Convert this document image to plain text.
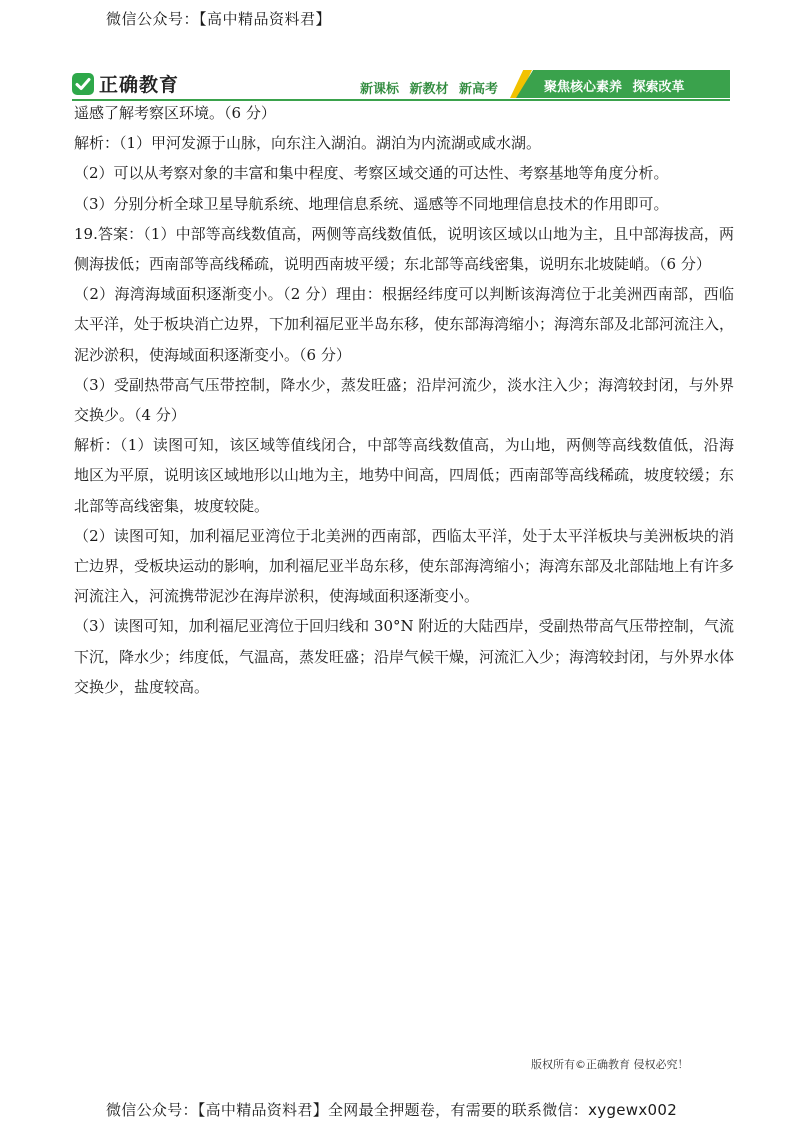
微信公众号：【高中精品资料君】
正确教育	新课标 新教材 新高考	聚焦核心素养 探索改革

遥感了解考察区环境。（6 分）

解析：（1）甲河发源于山脉，向东注入湖泊。湖泊为内流湖或咸水湖。

（2）可以从考察对象的丰富和集中程度、考察区域交通的可达性、考察基地等角度分析。

（3）分别分析全球卫星导航系统、地理信息系统、遥感等不同地理信息技术的作用即可。

19.答案：（1）中部等高线数值高，两侧等高线数值低，说明该区域以山地为主，且中部海拔高，两侧海拔低；西南部等高线稀疏，说明西南坡平缓；东北部等高线密集，说明东北坡陡峭。（6 分）

（2）海湾海域面积逐渐变小。（2 分）理由：根据经纬度可以判断该海湾位于北美洲西南部，西临太平洋，处于板块消亡边界，下加利福尼亚半岛东移，使东部海湾缩小；海湾东部及北部河流注入，泥沙淤积，使海域面积逐渐变小。（6 分）

（3）受副热带高气压带控制，降水少，蒸发旺盛；沿岸河流少，淡水注入少；海湾较封闭，与外界交换少。（4 分）

解析：（1）读图可知，该区域等值线闭合，中部等高线数值高，为山地，两侧等高线数值低，沿海地区为平原，说明该区域地形以山地为主，地势中间高，四周低；西南部等高线稀疏，坡度较缓；东北部等高线密集，坡度较陡。

（2）读图可知，加利福尼亚湾位于北美洲的西南部，西临太平洋，处于太平洋板块与美洲板块的消亡边界，受板块运动的影响，加利福尼亚半岛东移，使东部海湾缩小；海湾东部及北部陆地上有许多河流注入，河流携带泥沙在海岸淤积，使海域面积逐渐变小。

（3）读图可知，加利福尼亚湾位于回归线和 30°N 附近的大陆西岸，受副热带高气压带控制，气流下沉，降水少；纬度低，气温高，蒸发旺盛；沿岸气候干燥，河流汇入少；海湾较封闭，与外界水体交换少，盐度较高。

版权所有©正确教育 侵权必究！
微信公众号：【高中精品资料君】全网最全押题卷，有需要的联系微信：xygewx002
